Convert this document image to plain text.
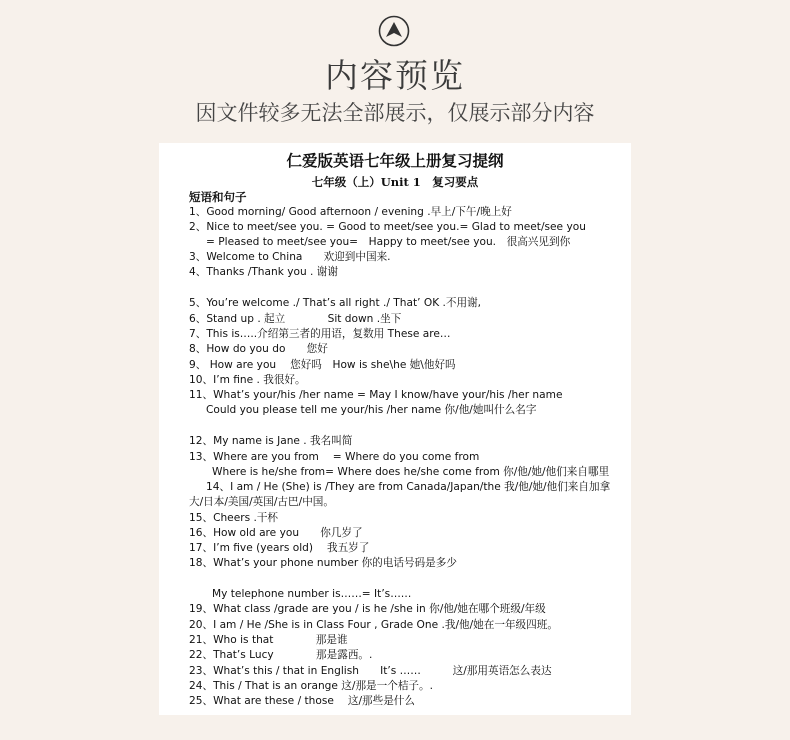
内容预览
因文件较多无法全部展示，仅展示部分内容
仁爱版英语七年级上册复习提纲
七年级（上）Unit 1　复习要点
短语和句子
1、Good morning/ Good afternoon / evening .早上/下午/晚上好
2、Nice to meet/see you. = Good to meet/see you.= Glad to meet/see you
= Pleased to meet/see you=　Happy to meet/see you.　很高兴见到你
3、Welcome to China　　欢迎到中国来.
4、Thanks /Thank you . 谢谢
5、You’re welcome ./ That’s all right ./ That’ OK .不用谢,
6、Stand up . 起立　　　　Sit down .坐下
7、This is…..介绍第三者的用语，复数用 These are…
8、How do you do　　您好
9、 How are you　 您好吗　How is she\he 她\他好吗
10、I’m fine . 我很好。
11、What’s your/his /her name = May I know/have your/his /her name
Could you please tell me your/his /her name 你/他/她叫什么名字
12、My name is Jane . 我名叫简
13、Where are you from　 = Where do you come from
Where is he/she from= Where does he/she come from 你/他/她/他们来自哪里
14、I am / He (She) is /They are from Canada/Japan/the 我/他/她/他们来自加拿
大/日本/美国/英国/古巴/中国。
15、Cheers .干杯
16、How old are you　　你几岁了
17、I’m five (years old)　 我五岁了
18、What’s your phone number 你的电话号码是多少
My telephone number is……= It’s……
19、What class /grade are you / is he /she in 你/他/她在哪个班级/年级
20、I am / He /She is in Class Four , Grade One .我/他/她在一年级四班。
21、Who is that　　　　那是谁
22、That’s Lucy　　　　那是露西。.
23、What’s this / that in English　　It’s ……　　　这/那用英语怎么表达
24、This / That is an orange 这/那是一个桔子。.
25、What are these / those　 这/那些是什么
